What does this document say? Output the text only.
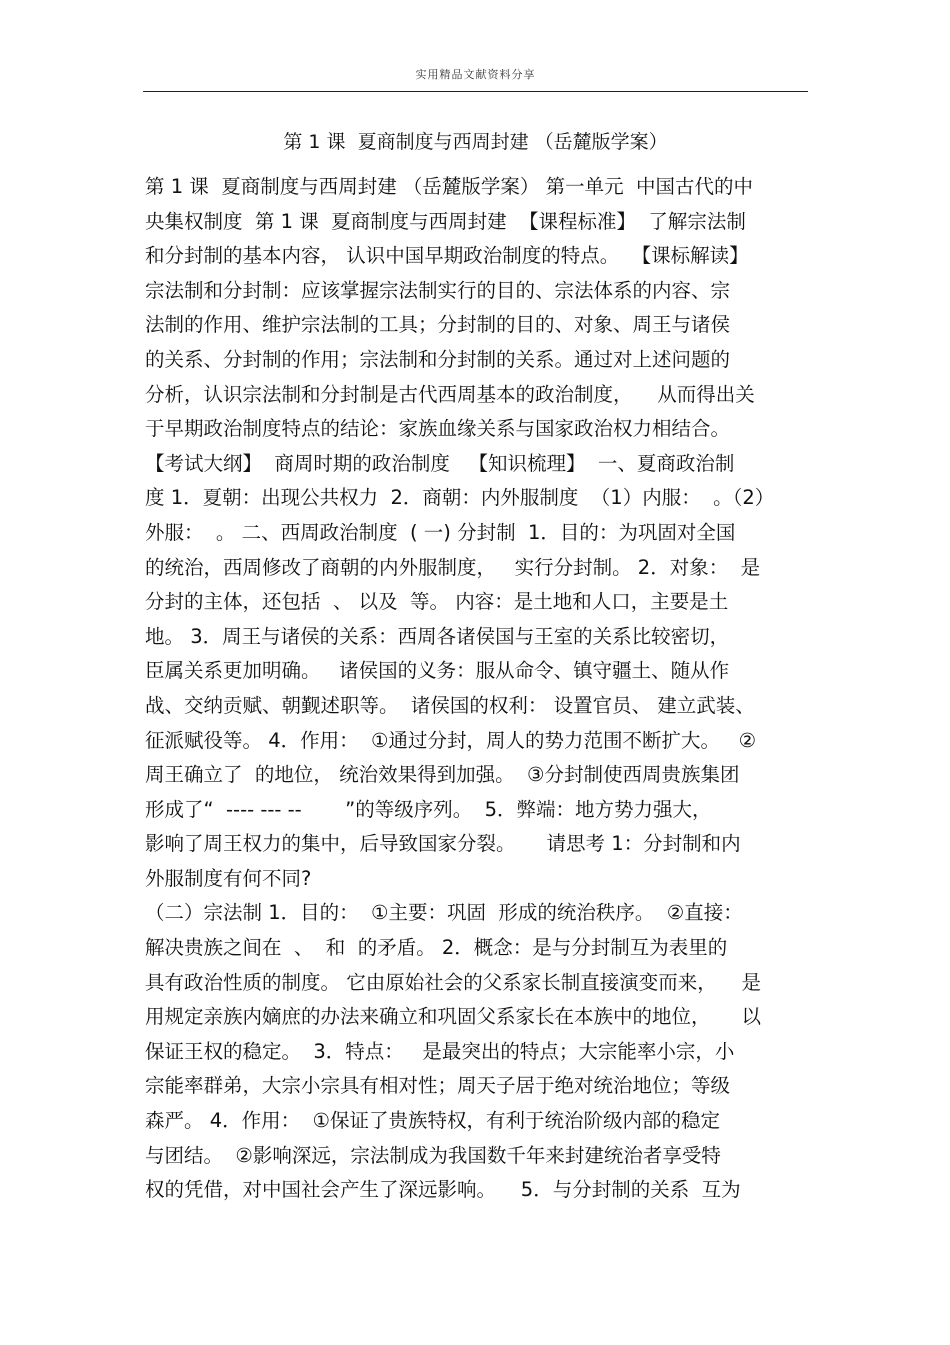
实用精品文献资料分享
第 1 课  夏商制度与西周封建 （岳麓版学案）
第 1 课  夏商制度与西周封建 （岳麓版学案） 第一单元  中国古代的中
央集权制度  第 1 课  夏商制度与西周封建  【课程标准】  了解宗法制
和分封制的基本内容， 认识中国早期政治制度的特点。  【课标解读】
宗法制和分封制：应该掌握宗法制实行的目的、宗法体系的内容、宗
法制的作用、维护宗法制的工具；分封制的目的、对象、周王与诸侯
的关系、分封制的作用；宗法制和分封制的关系。通过对上述问题的
分析，认识宗法制和分封制是古代西周基本的政治制度，    从而得出关
于早期政治制度特点的结论：家族血缘关系与国家政治权力相结合。
【考试大纲】  商周时期的政治制度   【知识梳理】  一、夏商政治制
度 1．夏朝：出现公共权力  2．商朝：内外服制度  （1）内服：  。（2）
外服：  。 二、西周政治制度  ( 一) 分封制  1．目的：为巩固对全国
的统治，西周修改了商朝的内外服制度，   实行分封制。 2．对象：  是
分封的主体，还包括  、 以及  等。 内容：是土地和人口，主要是土
地。 3．周王与诸侯的关系：西周各诸侯国与王室的关系比较密切，
臣属关系更加明确。   诸侯国的义务：服从命令、镇守疆土、随从作
战、交纳贡赋、朝觐述职等。  诸侯国的权利： 设置官员、 建立武装、
征派赋役等。 4．作用：  ①通过分封，周人的势力范围不断扩大。   ②
周王确立了  的地位， 统治效果得到加强。  ③分封制使西周贵族集团
形成了“  ---- --- --       ”的等级序列。  5．弊端：地方势力强大，
影响了周王权力的集中，后导致国家分裂。     请思考 1：分封制和内
外服制度有何不同?
（二）宗法制 1．目的：  ①主要：巩固  形成的统治秩序。  ②直接：
解决贵族之间在  、  和  的矛盾。 2．概念：是与分封制互为表里的
具有政治性质的制度。 它由原始社会的父系家长制直接演变而来，    是
用规定亲族内嫡庶的办法来确立和巩固父系家长在本族中的地位，     以
保证王权的稳定。  3．特点：   是最突出的特点；大宗能率小宗，小
宗能率群弟，大宗小宗具有相对性；周天子居于绝对统治地位；等级
森严。 4．作用：  ①保证了贵族特权，有利于统治阶级内部的稳定
与团结。  ②影响深远，宗法制成为我国数千年来封建统治者享受特
权的凭借，对中国社会产生了深远影响。    5．与分封制的关系  互为
